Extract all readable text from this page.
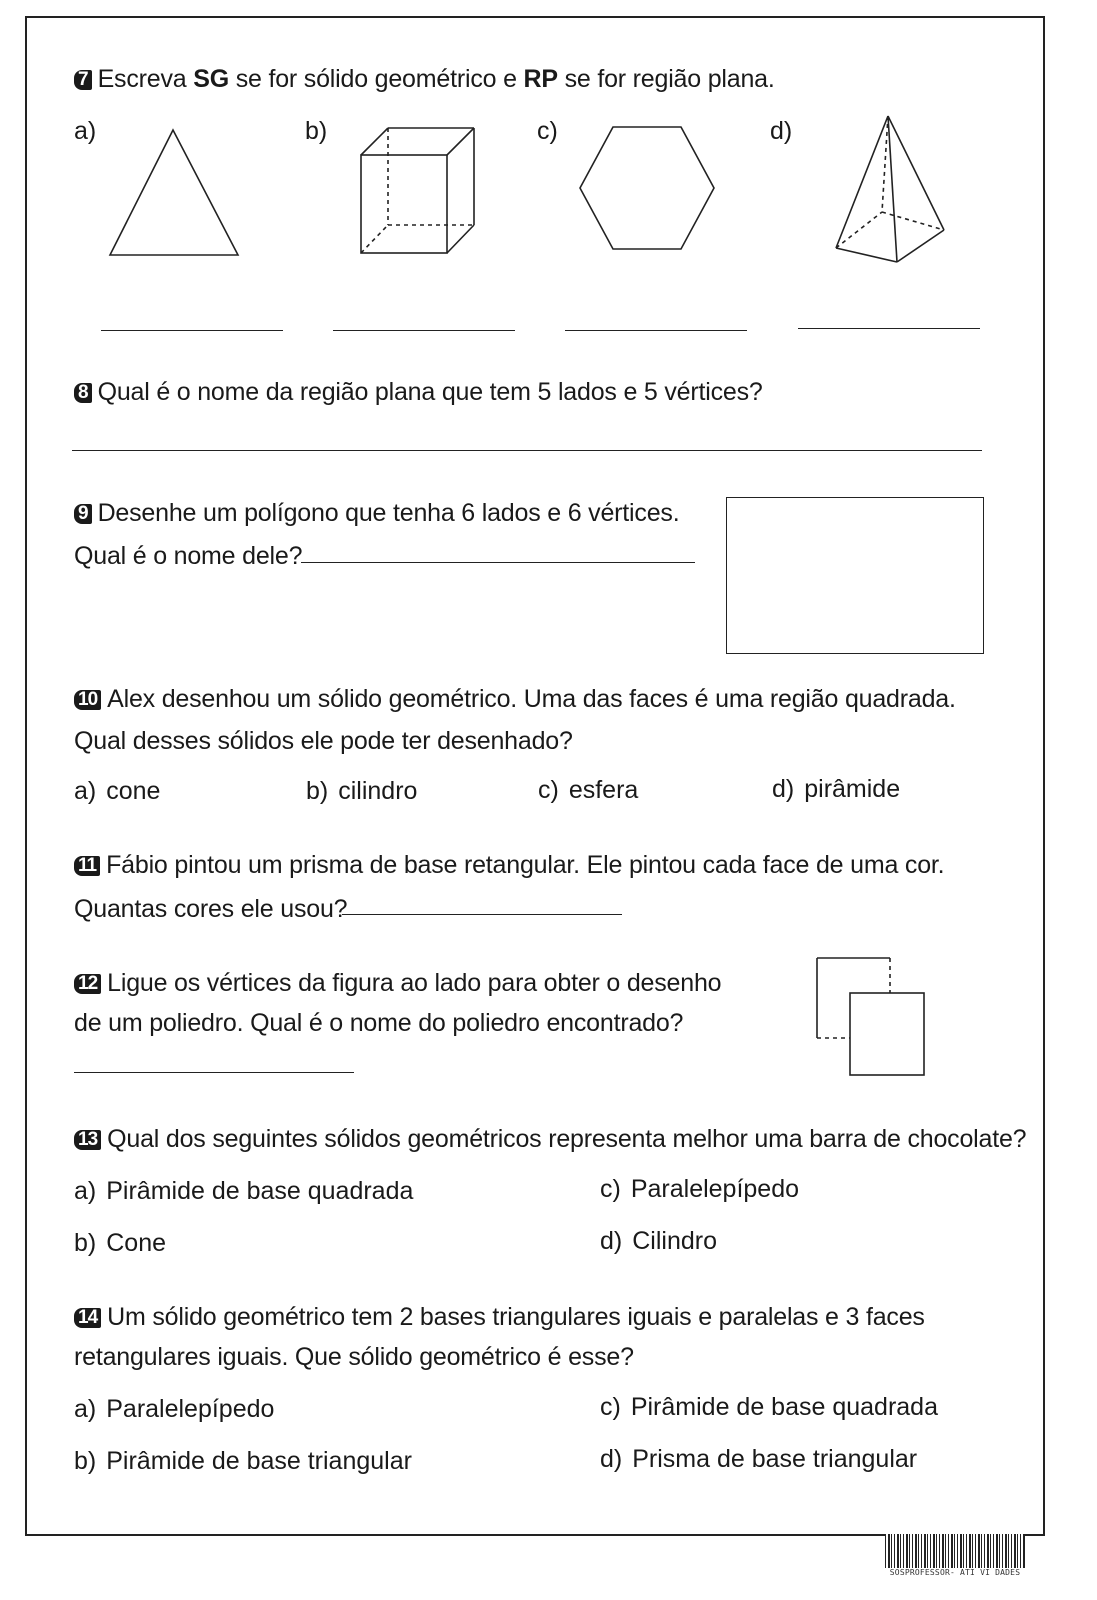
7 Escreva SG se for sólido geométrico e RP se for região plana.
a)	b)	c)	d)
8 Qual é o nome da região plana que tem 5 lados e 5 vértices?
9 Desenhe um polígono que tenha 6 lados e 6 vértices.
Qual é o nome dele?
10 Alex desenhou um sólido geométrico. Uma das faces é uma região quadrada.
Qual desses sólidos ele pode ter desenhado?
a) cone	b) cilindro	c) esfera	d) pirâmide
11 Fábio pintou um prisma de base retangular. Ele pintou cada face de uma cor.
Quantas cores ele usou?
12 Ligue os vértices da figura ao lado para obter o desenho
de um poliedro. Qual é o nome do poliedro encontrado?
13 Qual dos seguintes sólidos geométricos representa melhor uma barra de chocolate?
a) Pirâmide de base quadrada	c) Paralelepípedo
b) Cone	d) Cilindro
14 Um sólido geométrico tem 2 bases triangulares iguais e paralelas e 3 faces
retangulares iguais. Que sólido geométrico é esse?
a) Paralelepípedo	c) Pirâmide de base quadrada
b) Pirâmide de base triangular	d) Prisma de base triangular
SOSPROFESSOR- ATI VI DADES
